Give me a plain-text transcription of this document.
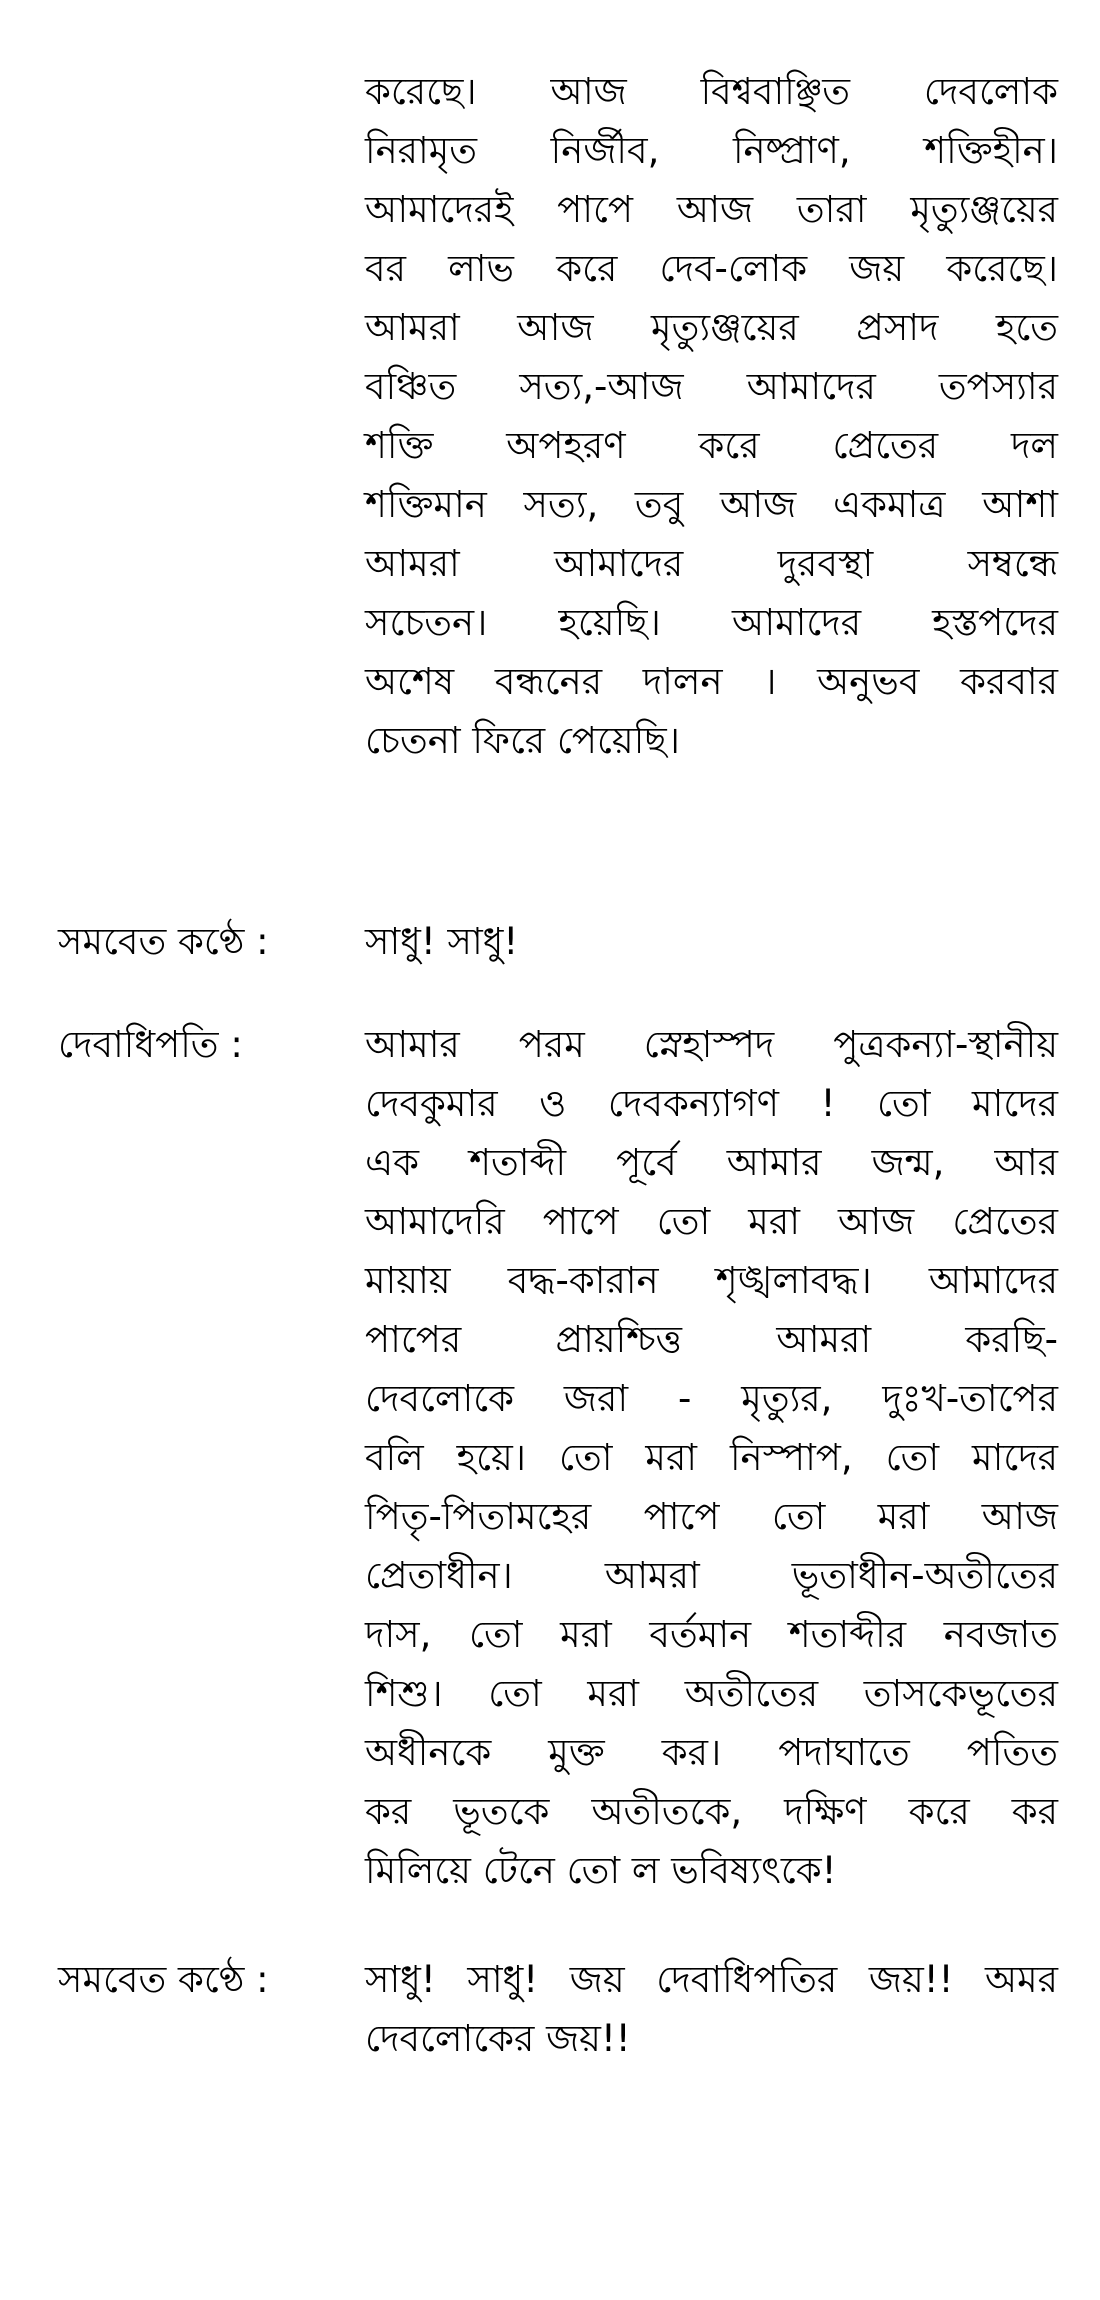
করেছে। আজ বিশ্ববাঞ্ছিত দেবলোক
নিরামৃত নির্জীব, নিষ্প্রাণ, শক্তিহীন।
আমাদেরই পাপে আজ তারা মৃত্যুঞ্জয়ের
বর লাভ করে দেব-লোক জয় করেছে।
আমরা আজ মৃত্যুঞ্জয়ের প্রসাদ হতে
বঞ্চিত সত্য,-আজ আমাদের তপস্যার
শক্তি অপহরণ করে প্রেতের দল
শক্তিমান সত্য, তবু আজ একমাত্র আশা
আমরা আমাদের দুরবস্থা সম্বন্ধে
সচেতন। হয়েছি। আমাদের হস্তপদের
অশেষ বন্ধনের দালন । অনুভব করবার
চেতনা ফিরে পেয়েছি।
সমবেত কণ্ঠে :	সাধু! সাধু!
দেবাধিপতি :	আমার পরম স্নেহাস্পদ পুত্রকন্যা-স্থানীয়
দেবকুমার ও দেবকন্যাগণ ! তো মাদের
এক শতাব্দী পূর্বে আমার জন্ম, আর
আমাদেরি পাপে তো মরা আজ প্রেতের
মায়ায় বদ্ধ-কারান শৃঙ্খলাবদ্ধ। আমাদের
পাপের প্রায়শ্চিত্ত আমরা করছি-
দেবলোকে জরা - মৃত্যুর, দুঃখ-তাপের
বলি হয়ে। তো মরা নিস্পাপ, তো মাদের
পিতৃ-পিতামহের পাপে তো মরা আজ
প্রেতাধীন। আমরা ভূতাধীন-অতীতের
দাস, তো মরা বর্তমান শতাব্দীর নবজাত
শিশু। তো মরা অতীতের তাসকেভূতের
অধীনকে মুক্ত কর। পদাঘাতে পতিত
কর ভূতকে অতীতকে, দক্ষিণ করে কর
মিলিয়ে টেনে তো ল ভবিষ্যৎকে!
সমবেত কণ্ঠে :	সাধু! সাধু! জয় দেবাধিপতির জয়!! অমর
দেবলোকের জয়!!
